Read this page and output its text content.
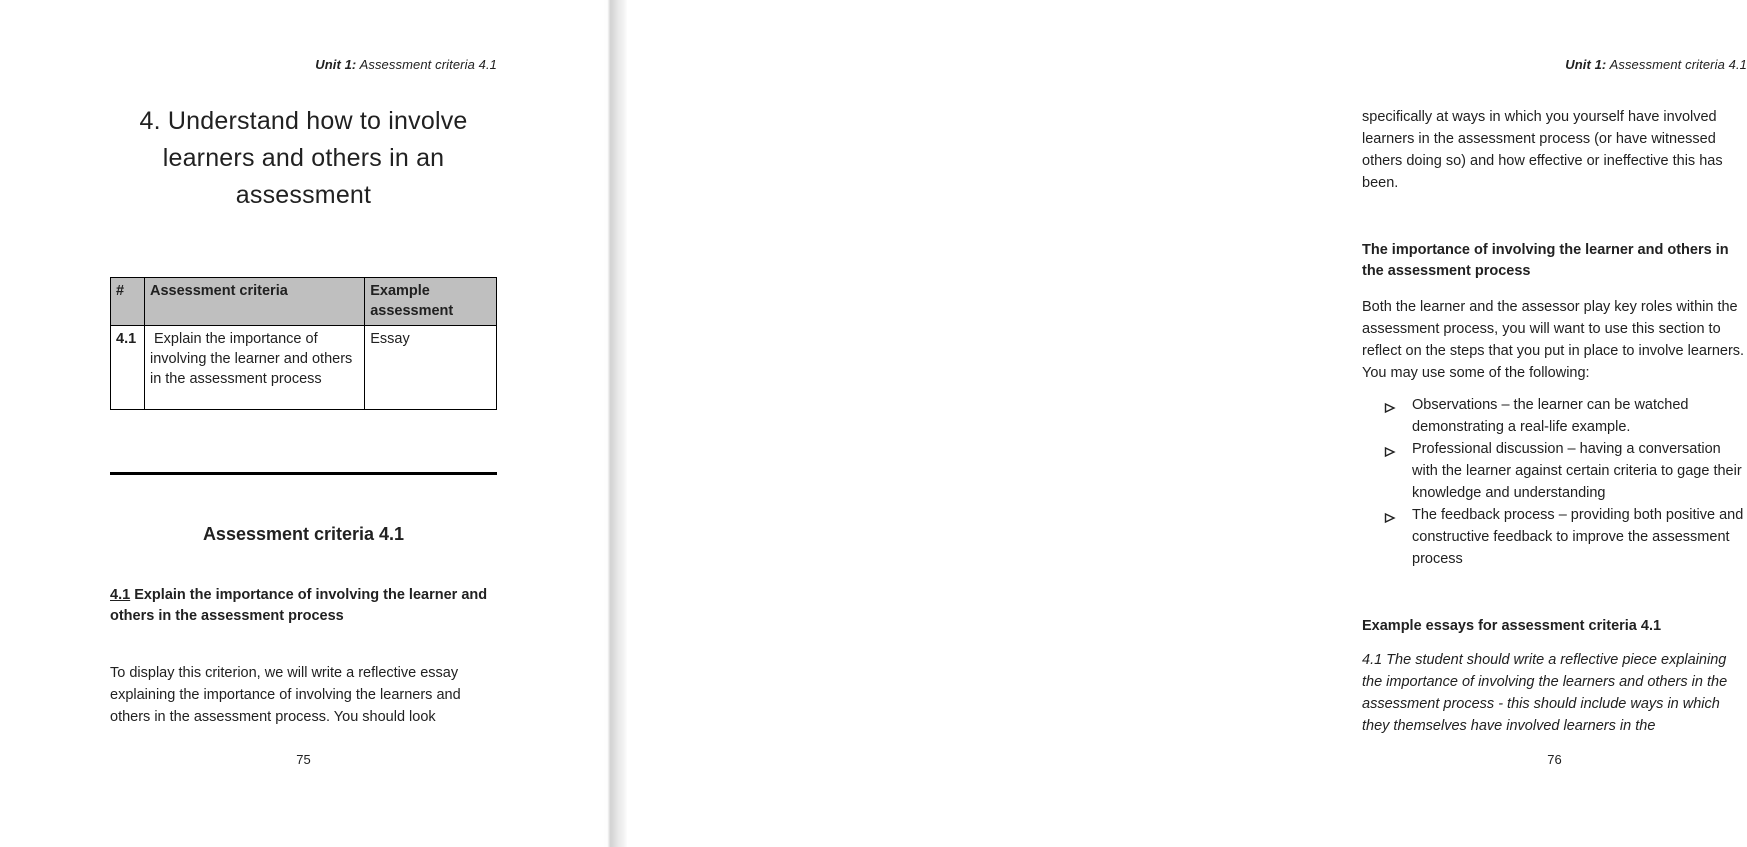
Unit 1: Assessment criteria 4.1
4. Understand how to involve learners and others in an assessment
#	Assessment criteria	Example assessment
4.1	Explain the importance of involving the learner and others in the assessment process	Essay
Assessment criteria 4.1
4.1 Explain the importance of involving the learner and others in the assessment process
To display this criterion, we will write a reflective essay explaining the importance of involving the learners and others in the assessment process. You should look
75
Unit 1: Assessment criteria 4.1
specifically at ways in which you yourself have involved learners in the assessment process (or have witnessed others doing so) and how effective or ineffective this has been.
The importance of involving the learner and others in the assessment process
Both the learner and the assessor play key roles within the assessment process, you will want to use this section to reflect on the steps that you put in place to involve learners. You may use some of the following:
Observations – the learner can be watched demonstrating a real-life example.
Professional discussion – having a conversation with the learner against certain criteria to gage their knowledge and understanding
The feedback process – providing both positive and constructive feedback to improve the assessment process
Example essays for assessment criteria 4.1
4.1 The student should write a reflective piece explaining the importance of involving the learners and others in the assessment process - this should include ways in which they themselves have involved learners in the
76
